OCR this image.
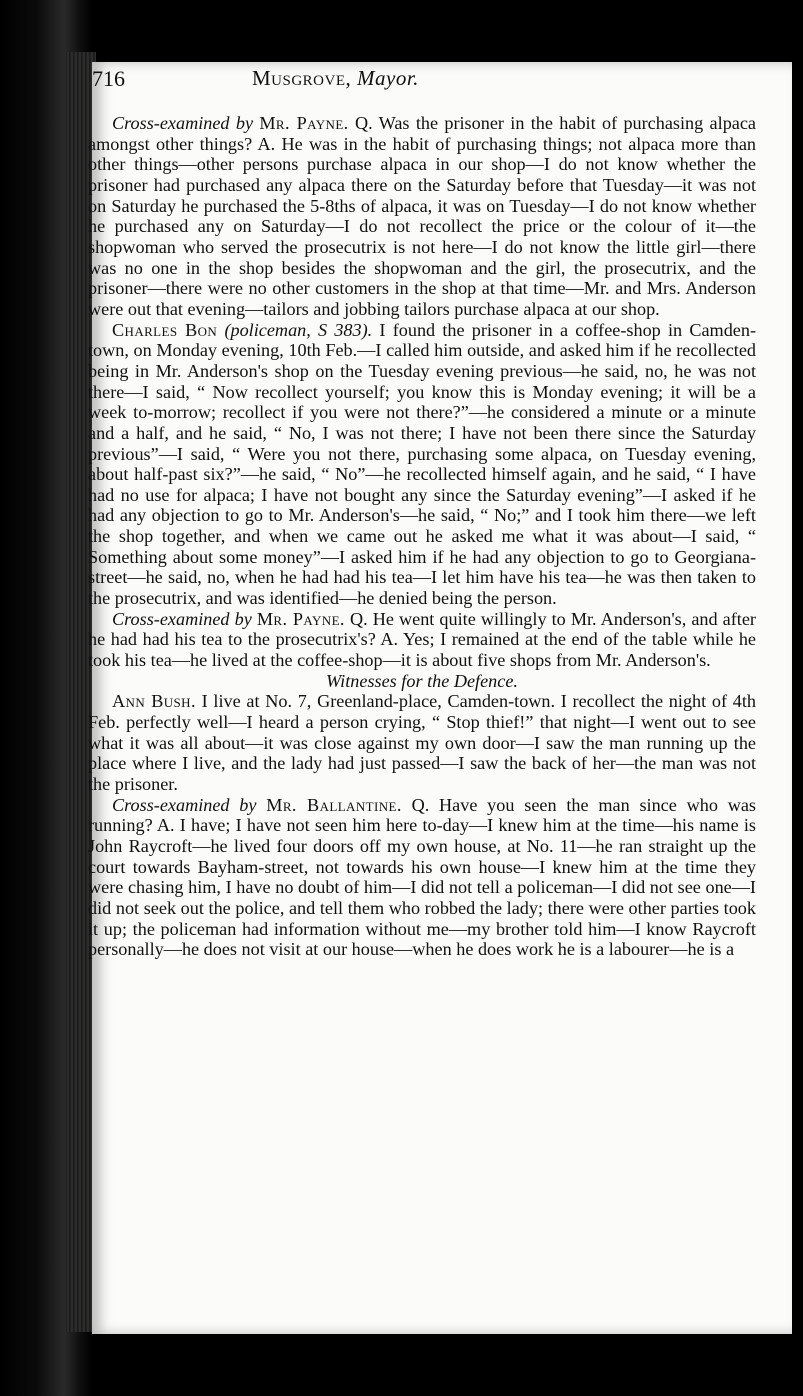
716	Musgrove, Mayor.

Cross-examined by Mr. Payne. Q. Was the prisoner in the habit of purchasing alpaca amongst other things? A. He was in the habit of purchasing things; not alpaca more than other things—other persons purchase alpaca in our shop—I do not know whether the prisoner had purchased any alpaca there on the Saturday before that Tuesday—it was not on Saturday he purchased the 5-8ths of alpaca, it was on Tuesday—I do not know whether he purchased any on Saturday—I do not recollect the price or the colour of it—the shopwoman who served the prosecutrix is not here—I do not know the little girl—there was no one in the shop besides the shopwoman and the girl, the prosecutrix, and the prisoner—there were no other customers in the shop at that time—Mr. and Mrs. Anderson were out that evening—tailors and jobbing tailors purchase alpaca at our shop.

Charles Bon (policeman, S 383). I found the prisoner in a coffee-shop in Camden-town, on Monday evening, 10th Feb.—I called him outside, and asked him if he recollected being in Mr. Anderson's shop on the Tuesday evening previous—he said, no, he was not there—I said, “ Now recollect yourself; you know this is Monday evening; it will be a week to-morrow; recollect if you were not there?”—he considered a minute or a minute and a half, and he said, “ No, I was not there; I have not been there since the Saturday previous”—I said, “ Were you not there, purchasing some alpaca, on Tuesday evening, about half-past six?”—he said, “ No”—he recollected himself again, and he said, “ I have had no use for alpaca; I have not bought any since the Saturday evening”—I asked if he had any objection to go to Mr. Anderson's—he said, “ No;” and I took him there—we left the shop together, and when we came out he asked me what it was about—I said, “ Something about some money”—I asked him if he had any objection to go to Georgiana-street—he said, no, when he had had his tea—I let him have his tea—he was then taken to the prosecutrix, and was identified—he denied being the person.

Cross-examined by Mr. Payne. Q. He went quite willingly to Mr. Anderson's, and after he had had his tea to the prosecutrix's? A. Yes; I remained at the end of the table while he took his tea—he lived at the coffee-shop—it is about five shops from Mr. Anderson's.

Witnesses for the Defence.

Ann Bush. I live at No. 7, Greenland-place, Camden-town. I recollect the night of 4th Feb. perfectly well—I heard a person crying, “ Stop thief!” that night—I went out to see what it was all about—it was close against my own door—I saw the man running up the place where I live, and the lady had just passed—I saw the back of her—the man was not the prisoner.

Cross-examined by Mr. Ballantine. Q. Have you seen the man since who was running? A. I have; I have not seen him here to-day—I knew him at the time—his name is John Raycroft—he lived four doors off my own house, at No. 11—he ran straight up the court towards Bayham-street, not towards his own house—I knew him at the time they were chasing him, I have no doubt of him—I did not tell a policeman—I did not see one—I did not seek out the police, and tell them who robbed the lady; there were other parties took it up; the policeman had information without me—my brother told him—I know Raycroft personally—he does not visit at our house—when he does work he is a labourer—he is a
